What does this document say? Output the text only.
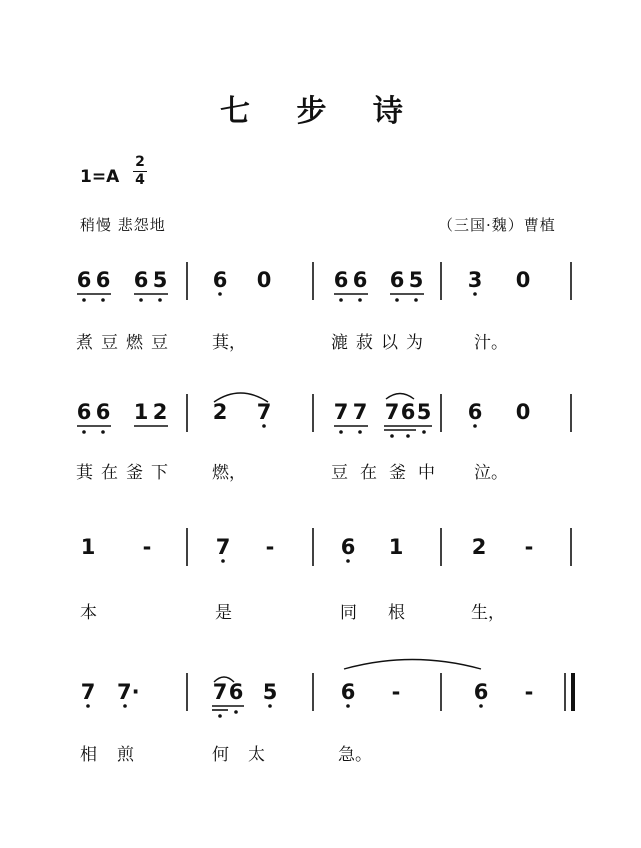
七 步 诗
1=A
2
4
稍慢 悲怨地	（三国·魏）曹植
6 6 6 5 6 0	6 6 6 5 3 0
煮豆燃豆 萁，	漉菽以为	汁。
6 6 1 2 2 7	7 7 7 6 5 6 0
萁在釜下 燃，	豆在釜中 泣。
1 -	7 -	6 1	2 -
本	是	同 根	生，
7 7·	7 6 5	6 -	6 -
相 煎	何 太	急。
